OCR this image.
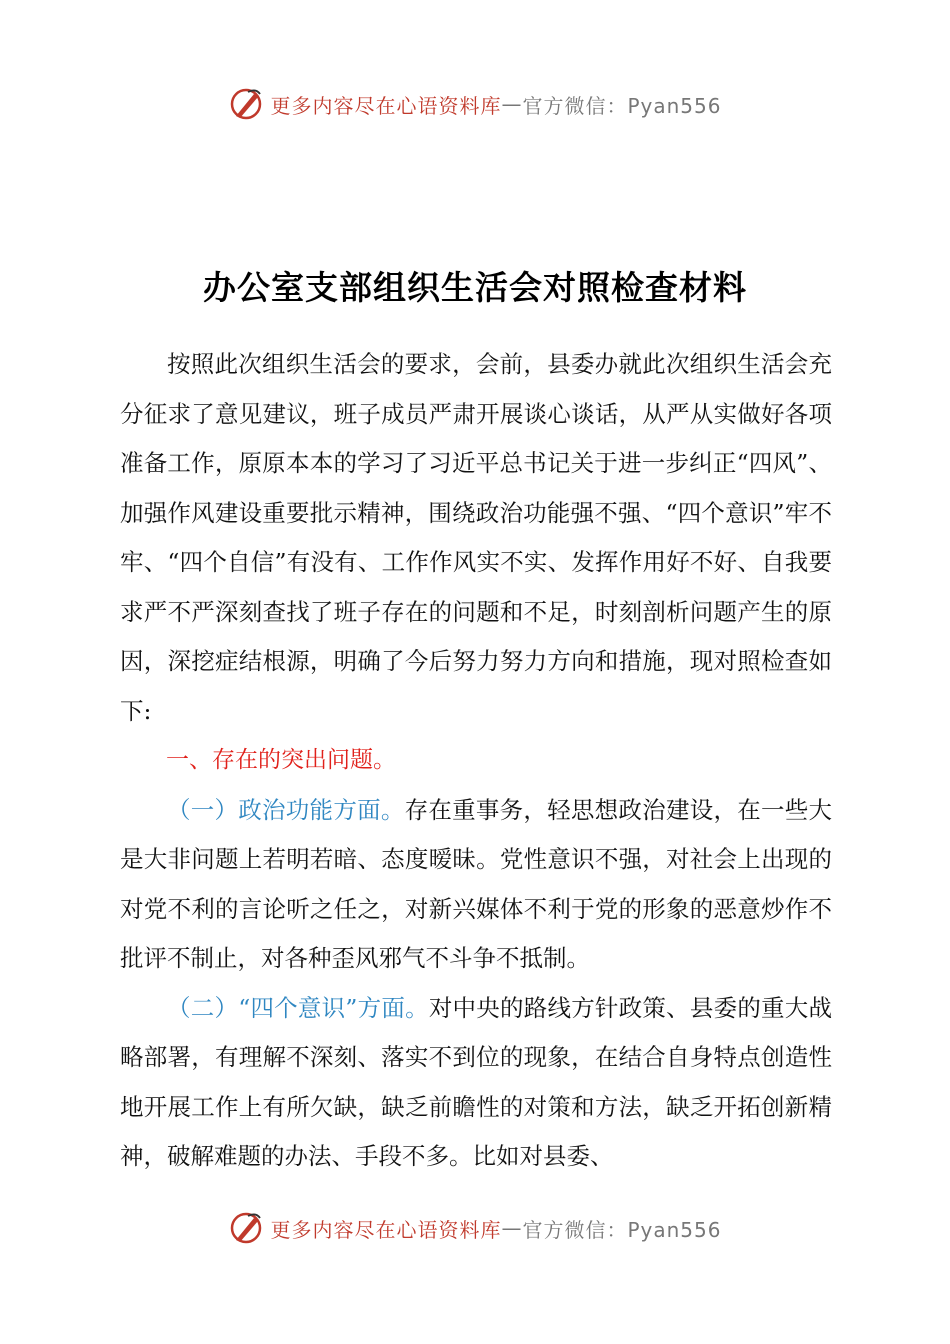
更多内容尽在心语资料库 — 官方微信：Pyan556
办公室支部组织生活会对照检查材料

按照此次组织生活会的要求，会前，县委办就此次组织生活会充分征求了意见建议，班子成员严肃开展谈心谈话，从严从实做好各项准备工作，原原本本的学习了习近平总书记关于进一步纠正“四风”、加强作风建设重要批示精神，围绕政治功能强不强、“四个意识”牢不牢、“四个自信”有没有、工作作风实不实、发挥作用好不好、自我要求严不严深刻查找了班子存在的问题和不足，时刻剖析问题产生的原因，深挖症结根源，明确了今后努力努力方向和措施，现对照检查如下:

一、存在的突出问题。

（一）政治功能方面。存在重事务，轻思想政治建设，在一些大是大非问题上若明若暗、态度暧昧。党性意识不强，对社会上出现的对党不利的言论听之任之，对新兴媒体不利于党的形象的恶意炒作不批评不制止，对各种歪风邪气不斗争不抵制。

（二）“四个意识”方面。对中央的路线方针政策、县委的重大战略部署，有理解不深刻、落实不到位的现象，在结合自身特点创造性地开展工作上有所欠缺，缺乏前瞻性的对策和方法，缺乏开拓创新精神，破解难题的办法、手段不多。比如对县委、

更多内容尽在心语资料库 — 官方微信：Pyan556
